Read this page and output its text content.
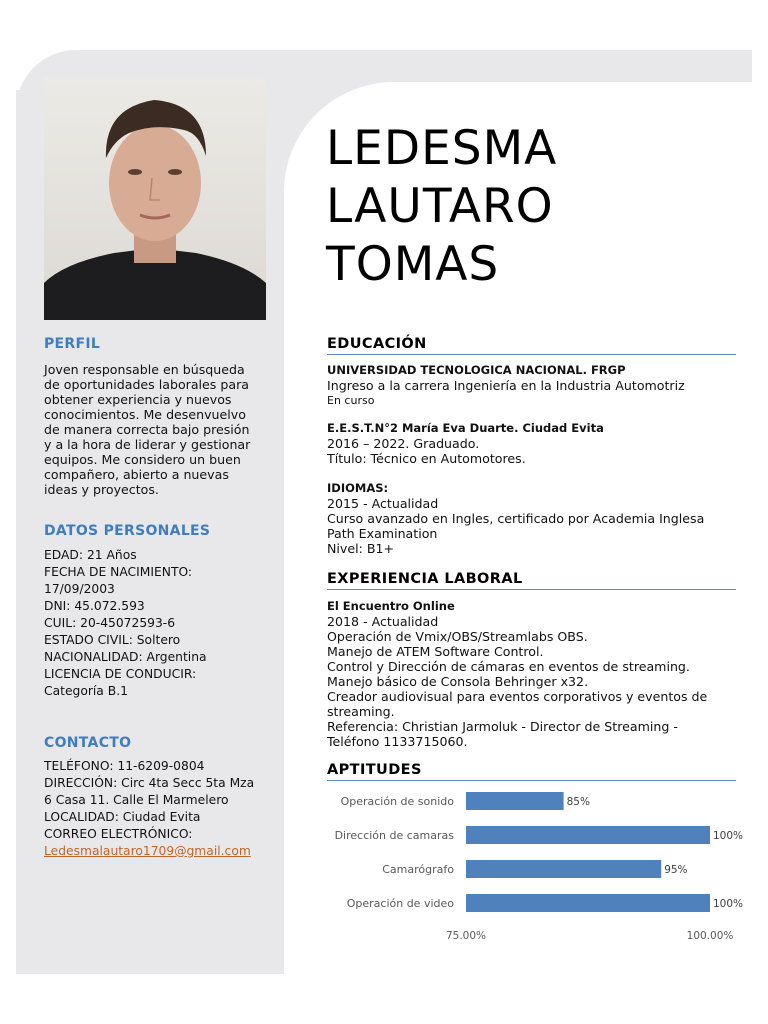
PERFIL
Joven responsable en búsqueda
de oportunidades laborales para
obtener experiencia y nuevos
conocimientos. Me desenvuelvo
de manera correcta bajo presión
y a la hora de liderar y gestionar
equipos. Me considero un buen
compañero, abierto a nuevas
ideas y proyectos.
DATOS PERSONALES
EDAD: 21 Años
FECHA DE NACIMIENTO:
17/09/2003
DNI: 45.072.593
CUIL: 20-45072593-6
ESTADO CIVIL: Soltero
NACIONALIDAD: Argentina
LICENCIA DE CONDUCIR:
Categoría B.1
CONTACTO
TELÉFONO: 11-6209-0804
DIRECCIÓN: Circ 4ta Secc 5ta Mza
6 Casa 11. Calle El Marmelero
LOCALIDAD: Ciudad Evita
CORREO ELECTRÓNICO:
Ledesmalautaro1709@gmail.com
LEDESMA
LAUTARO
TOMAS
EDUCACIÓN
UNIVERSIDAD TECNOLOGICA NACIONAL. FRGP
Ingreso a la carrera Ingeniería en la Industria Automotriz
En curso
E.E.S.T.N°2 María Eva Duarte. Ciudad Evita
2016 – 2022. Graduado.
Título: Técnico en Automotores.
IDIOMAS:
2015 - Actualidad
Curso avanzado en Ingles, certificado por Academia Inglesa
Path Examination
Nivel: B1+
EXPERIENCIA LABORAL
El Encuentro Online
2018 - Actualidad
Operación de Vmix/OBS/Streamlabs OBS.
Manejo de ATEM Software Control.
Control y Dirección de cámaras en eventos de streaming.
Manejo básico de Consola Behringer x32.
Creador audiovisual para eventos corporativos y eventos de
streaming.
Referencia: Christian Jarmoluk - Director de Streaming -
Teléfono 1133715060.
APTITUDES
Operación de sonido	85%
Dirección de camaras	100%
Camarógrafo	95%
Operación de video	100%
75.00%	100.00%
